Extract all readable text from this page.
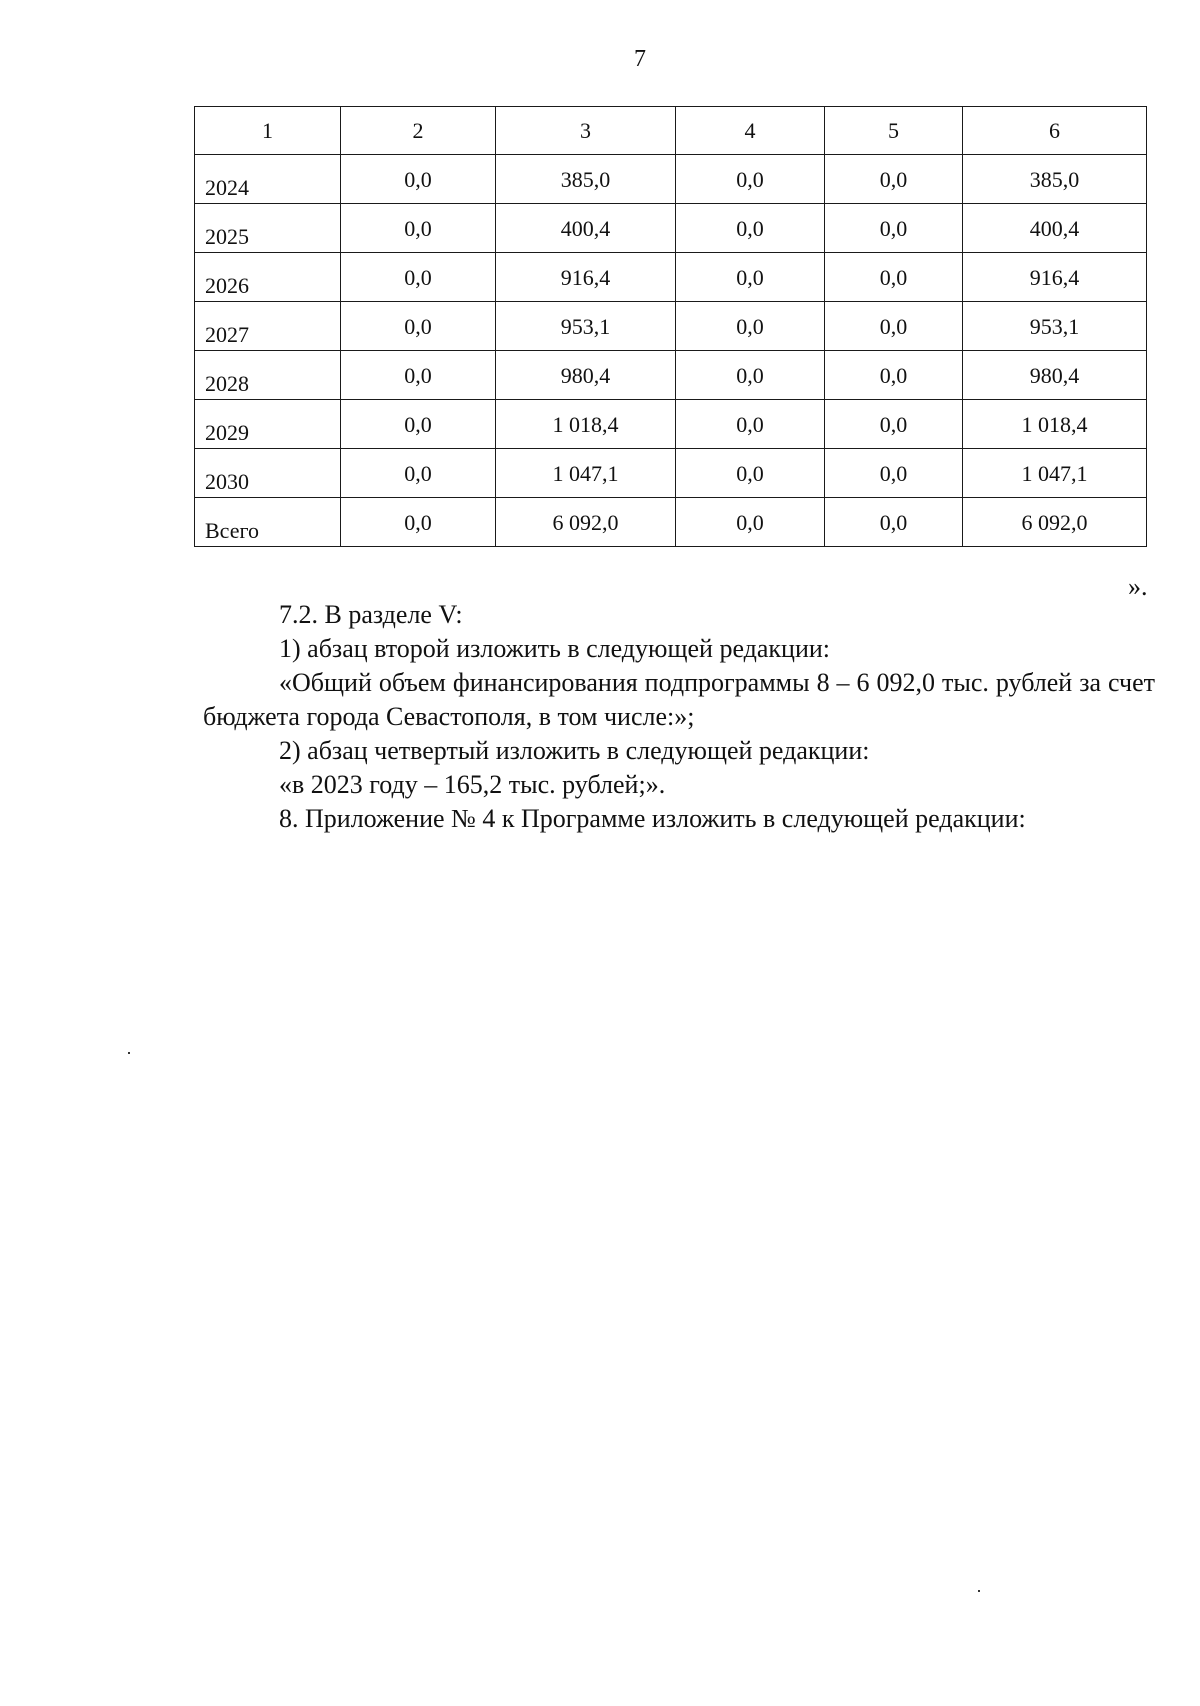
7
1	2	3	4	5	6
2024	0,0	385,0	0,0	0,0	385,0
2025	0,0	400,4	0,0	0,0	400,4
2026	0,0	916,4	0,0	0,0	916,4
2027	0,0	953,1	0,0	0,0	953,1
2028	0,0	980,4	0,0	0,0	980,4
2029	0,0	1 018,4	0,0	0,0	1 018,4
2030	0,0	1 047,1	0,0	0,0	1 047,1
Всего	0,0	6 092,0	0,0	0,0	6 092,0
».

7.2. В разделе V:

1) абзац второй изложить в следующей редакции:

«Общий объем финансирования подпрограммы 8 – 6 092,0 тыс. рублей за счет бюджета города Севастополя, в том числе:»;

2) абзац четвертый изложить в следующей редакции:

«в 2023 году – 165,2 тыс. рублей;».

8. Приложение № 4 к Программе изложить в следующей редакции:
